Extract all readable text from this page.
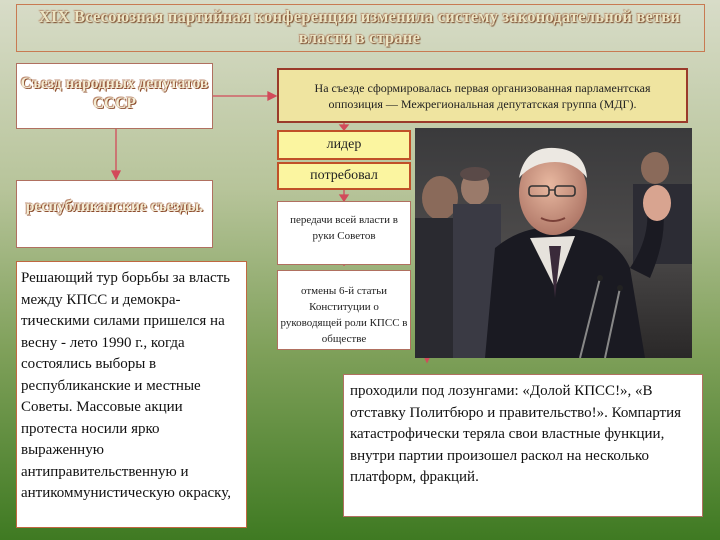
XIX Всесоюзная партийная конференция изменила систему законодательной ветви власти в стране
Съезд народных депутатов СССР
республиканские съезды.
На съезде сформировалась первая организованная парламентская оппозиция — Межрегиональная депутатская группа (МДГ).
лидер
потребовал
передачи всей власти в руки Советов
отмены 6-й статьи Конституции о руководящей роли КПСС в обществе
Решающий тур борьбы за власть между КПСС и демокра-тическими силами пришелся на весну - лето 1990 г., когда состоялись выборы в республиканские и местные Советы. Массовые акции протеста носили ярко выраженную антиправительственную и антикоммунистическую окраску,
проходили под лозунгами: «Долой КПСС!», «В отставку Политбюро и правительство!». Компартия катастрофически теряла свои властные функции, внутри партии произошел раскол на несколько платформ, фракций.
